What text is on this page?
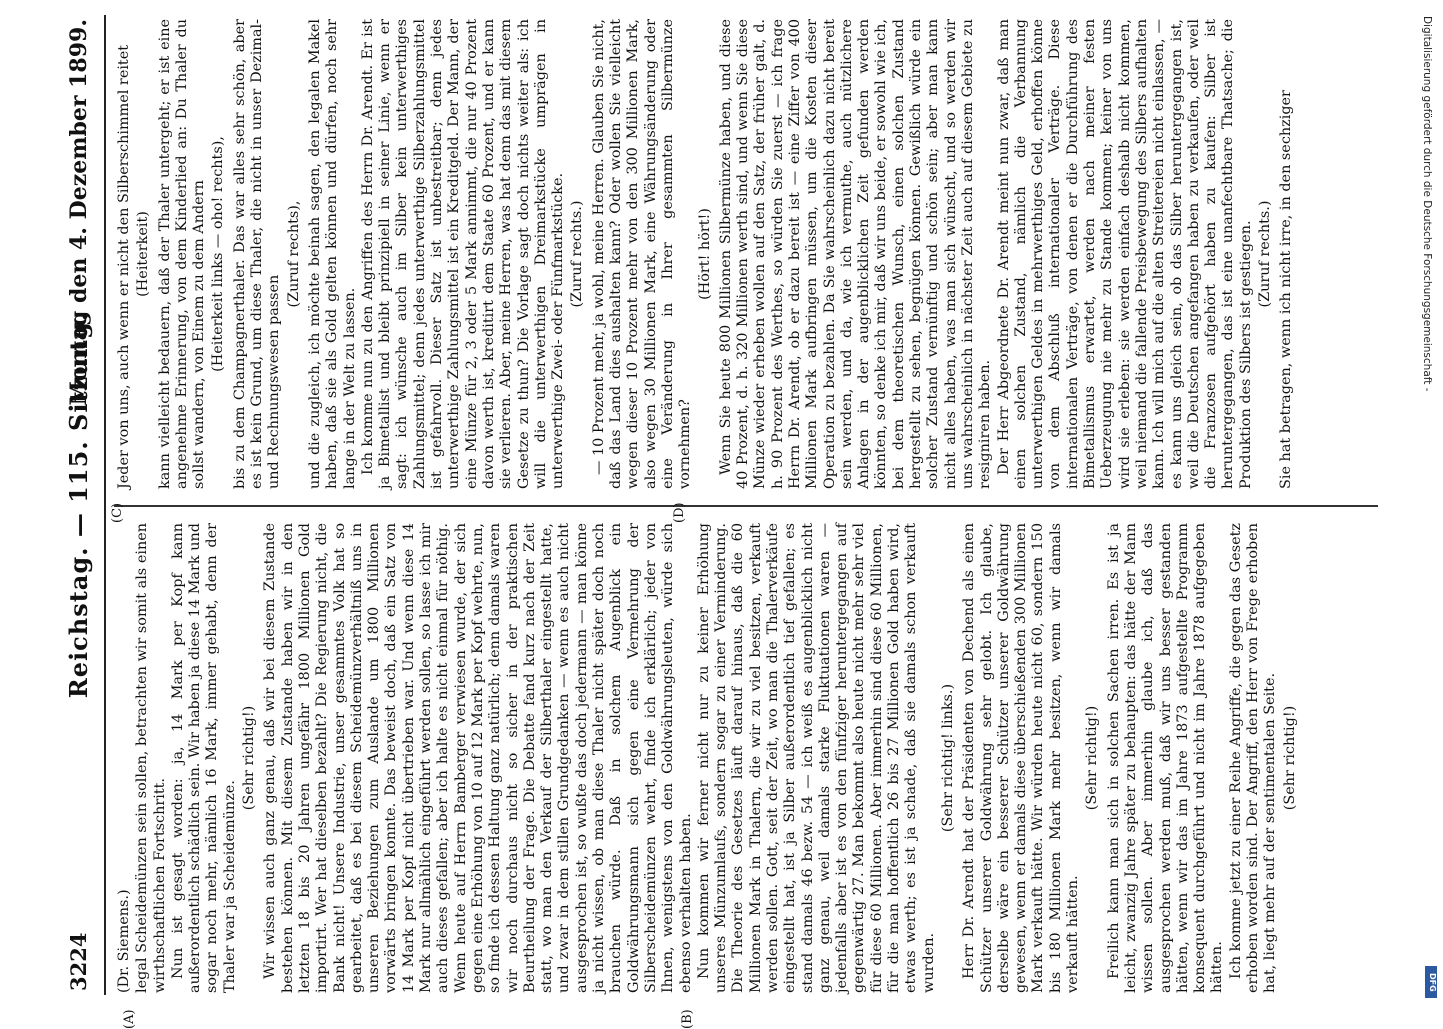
3224
Reichstag. — 115. Sitzung.
Montag den 4. Dezember 1899.

(Dr. Siemens.) legal Scheidemünzen sein sollen, betrachten wir somit als einen wirthschaftlichen Fortschritt. Nun ist gesagt worden: ja, 14 Mark per Kopf kann außerordentlich schädlich sein. Wir haben ja diese 14 Mark und sogar noch mehr, nämlich 16 Mark, immer gehabt, denn der Thaler war ja Scheidemünze.

(Sehr richtig!) Wir wissen auch ganz genau, daß wir bei diesem Zustande bestehen können. Mit diesem Zustande haben wir in den letzten 18 bis 20 Jahren ungefähr 1800 Millionen Gold importirt. Wer hat dieselben bezahlt? Die Regierung nicht, die Bank nicht! Unsere Industrie, unser gesammtes Volk hat so gearbeitet, daß es bei diesem Scheidemünzverhältniß uns in unseren Beziehungen zum Auslande um 1800 Millionen vorwärts bringen konnte. Das beweist doch, daß ein Satz von 14 Mark per Kopf nicht übertrieben war. Und wenn diese 14 Mark nur allmählich eingeführt werden sollen, so lasse ich mir auch dieses gefallen; aber ich halte es nicht einmal für nöthig. Wenn heute auf Herrn Bamberger verwiesen wurde, der sich gegen eine Erhöhung von 10 auf 12 Mark per Kopf wehrte, nun, so finde ich dessen Haltung ganz natürlich; denn damals waren wir noch durchaus nicht so sicher in der praktischen Beurtheilung der Frage. Die Debatte fand kurz nach der Zeit statt, wo man den Verkauf der Silberthaler eingestellt hatte, und zwar in dem stillen Grundgedanken — wenn es auch nicht ausgesprochen ist, so wußte das doch jedermann — man könne ja nicht wissen, ob man diese Thaler nicht später doch noch brauchen würde. Daß in solchem Augenblick ein Goldwährungsmann sich gegen eine Vermehrung der Silberscheidemünzen wehrt, finde ich erklärlich; jeder von Ihnen, wenigstens von den Goldwährungsleuten, würde sich ebenso verhalten haben. Nun kommen wir ferner nicht nur zu keiner Erhöhung unseres Münzumlaufs, sondern sogar zu einer Verminderung. Die Theorie des Gesetzes läuft darauf hinaus, daß die 60 Millionen Mark in Thalern, die wir zu viel besitzen, verkauft werden sollen. Gott, seit der Zeit, wo man die Thalerverkäufe eingestellt hat, ist ja Silber außerordentlich tief gefallen; es stand damals 46 bezw. 54 — ich weiß es augenblicklich nicht ganz genau, weil damals starke Fluktuationen waren — jedenfalls aber ist es von den fünfziger heruntergegangen auf gegenwärtig 27. Man bekommt also heute nicht mehr sehr viel für diese 60 Millionen. Aber immerhin sind diese 60 Millionen, für die man hoffentlich 26 bis 27 Millionen Gold haben wird, etwas werth; es ist ja schade, daß sie damals schon verkauft wurden.

(Sehr richtig! links.) Herr Dr. Arendt hat der Präsidenten von Dechend als einen Schützer unserer Goldwährung sehr gelobt. Ich glaube, derselbe wäre ein besserer Schützer unserer Goldwährung gewesen, wenn er damals diese überschießenden 300 Millionen Mark verkauft hätte. Wir würden heute nicht 60, sondern 150 bis 180 Millionen Mark mehr besitzen, wenn wir damals verkauft hätten.

(Sehr richtig!) Freilich kann man sich in solchen Sachen irren. Es ist ja leicht, zwanzig Jahre später zu behaupten: das hätte der Mann wissen sollen. Aber immerhin glaube ich, daß das ausgesprochen werden muß, daß wir uns besser gestanden hätten, wenn wir das im Jahre 1873 aufgestellte Programm konsequent durchgeführt und nicht im Jahre 1878 aufgegeben hätten. Ich komme jetzt zu einer Reihe Angriffe, die gegen das Gesetz erhoben worden sind. Der Angriff, den Herr von Frege erhoben hat, liegt mehr auf der sentimentalen Seite. (Sehr richtig!)

Jeder von uns, auch wenn er nicht den Silberschimmel reitet (Heiterkeit) kann vielleicht bedauern, daß der Thaler untergeht; er ist eine angenehme Erinnerung, von dem Kinderlied an: Du Thaler du sollst wandern, von Einem zu dem Andern (Heiterkeit links — oho! rechts), bis zu dem Champagnerthaler. Das war alles sehr schön, aber es ist kein Grund, um diese Thaler, die nicht in unser Dezimal- und Rechnungswesen passen

(Zuruf rechts), und die zugleich, ich möchte beinah sagen, den legalen Makel haben, daß sie als Gold gelten können und dürfen, noch sehr lange in der Welt zu lassen. Ich komme nun zu den Angriffen des Herrn Dr. Arendt. Er ist ja Bimetallist und bleibt prinzipiell in seiner Linie, wenn er sagt: ich wünsche auch im Silber kein unterwerthiges Zahlungsmittel; denn jedes unterwerthige Silberzahlungsmittel ist gefahrvoll. Dieser Satz ist unbestreitbar; denn jedes unterwerthige Zahlungsmittel ist ein Kreditgeld. Der Mann, der eine Münze für 2, 3 oder 5 Mark annimmt, die nur 40 Prozent davon werth ist, kreditirt dem Staate 60 Prozent, und er kann sie verlieren. Aber, meine Herren, was hat denn das mit diesem Gesetze zu thun? Die Vorlage sagt doch nichts weiter als: ich will die unterwerthigen Dreimarkstücke umprägen in unterwerthige Zwei- oder Fünfmarkstücke. (Zuruf rechts.) — 10 Prozent mehr, ja wohl, meine Herren. Glauben Sie nicht, daß das Land dies aushalten kann? Oder wollen Sie vielleicht wegen dieser 10 Prozent mehr von den 300 Millionen Mark, also wegen 30 Millionen Mark, eine Währungsänderung oder eine Veränderung in Ihrer gesammten Silbermünze vornehmen?

(Hört! hört!) Wenn Sie heute 800 Millionen Silbermünze haben, und diese 40 Prozent, d. h. 320 Millionen werth sind, und wenn Sie diese Münze wieder erheben wollen auf den Satz, der früher galt, d. h. 90 Prozent des Werthes, so würden Sie zuerst — ich frage Herrn Dr. Arendt, ob er dazu bereit ist — eine Ziffer von 400 Millionen Mark aufbringen müssen, um die Kosten dieser Operation zu bezahlen. Da Sie wahrscheinlich dazu nicht bereit sein werden, und da, wie ich vermuthe, auch nützlichere Anlagen in der augenblicklichen Zeit gefunden werden könnten, so denke ich mir, daß wir uns beide, er sowohl wie ich, bei dem theoretischen Wunsch, einen solchen Zustand hergestellt zu sehen, begnügen können. Gewißlich würde ein solcher Zustand vernünftig und schön sein; aber man kann nicht alles haben, was man sich wünscht, und so werden wir uns wahrscheinlich in nächster Zeit auch auf diesem Gebiete zu resigniren haben. Der Herr Abgeordnete Dr. Arendt meint nun zwar, daß man einen solchen Zustand, nämlich die Verbannung unterwerthigen Geldes in mehrwerthiges Geld, erhoffen könne von dem Abschluß internationaler Verträge. Diese internationalen Verträge, von denen er die Durchführung des Bimetallismus erwartet, werden nach meiner festen Ueberzeugung nie mehr zu Stande kommen; keiner von uns wird sie erleben: sie werden einfach deshalb nicht kommen, weil niemand die fallende Preisbewegung des Silbers aufhalten kann. Ich will mich auf die alten Streitereien nicht einlassen, — es kann uns gleich sein, ob das Silber heruntergegangen ist, weil die Deutschen angefangen haben zu verkaufen, oder weil die Franzosen aufgehört haben zu kaufen: Silber ist heruntergegangen, das ist eine unanfechtbare Thatsache; die Produktion des Silbers ist gestiegen. (Zuruf rechts.) Sie hat betragen, wenn ich nicht irre, in den sechziger

(A)	(B)
(C)	(D)
Digitalisierung gefördert durch die Deutsche Forschungsgemeinschaft -
DFG
